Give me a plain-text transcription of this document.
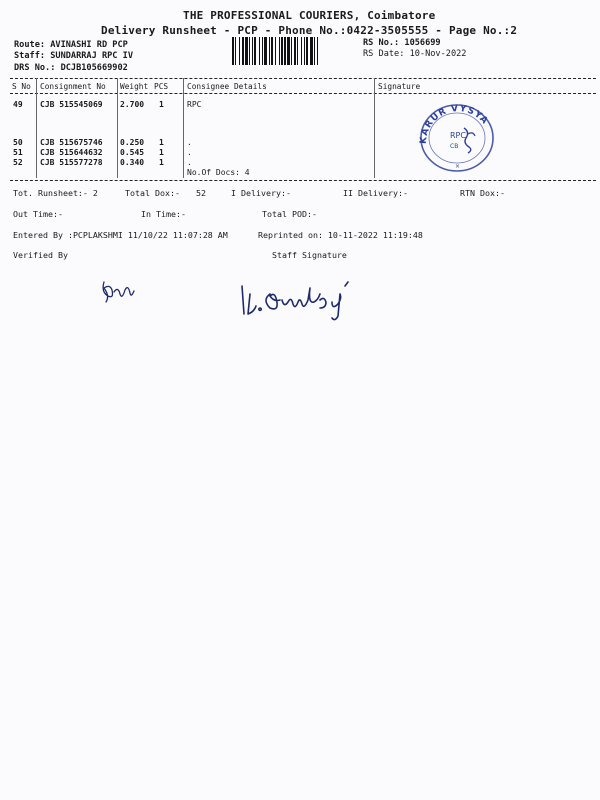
THE PROFESSIONAL COURIERS, Coimbatore
Delivery Runsheet - PCP - Phone No.:0422-3505555 - Page No.:2
Route: AVINASHI RD PCP
Staff: SUNDARRAJ RPC IV
DRS No.: DCJB105669902
RS No.: 1056699
RS Date: 10-Nov-2022
S No Consignment No Weight PCS Consignee Details	Signature
49 CJB 515545069 2.700 1	RPC
50 CJB 515675746 0.250 1	.
51 CJB 515644632 0.545 1	.
52 CJB 515577278 0.340 1	.
No.Of Docs: 4
KARUR VYSYA
RPC
CB
×
Tot. Runsheet:- 2	Total Dox:- 52	I Delivery:-	II Delivery:-	RTN Dox:-
Out Time:-	In Time:-	Total POD:-
Entered By :PCPLAKSHMI 11/10/22 11:07:28 AM	Reprinted on: 10-11-2022 11:19:48
Verified By	Staff Signature
